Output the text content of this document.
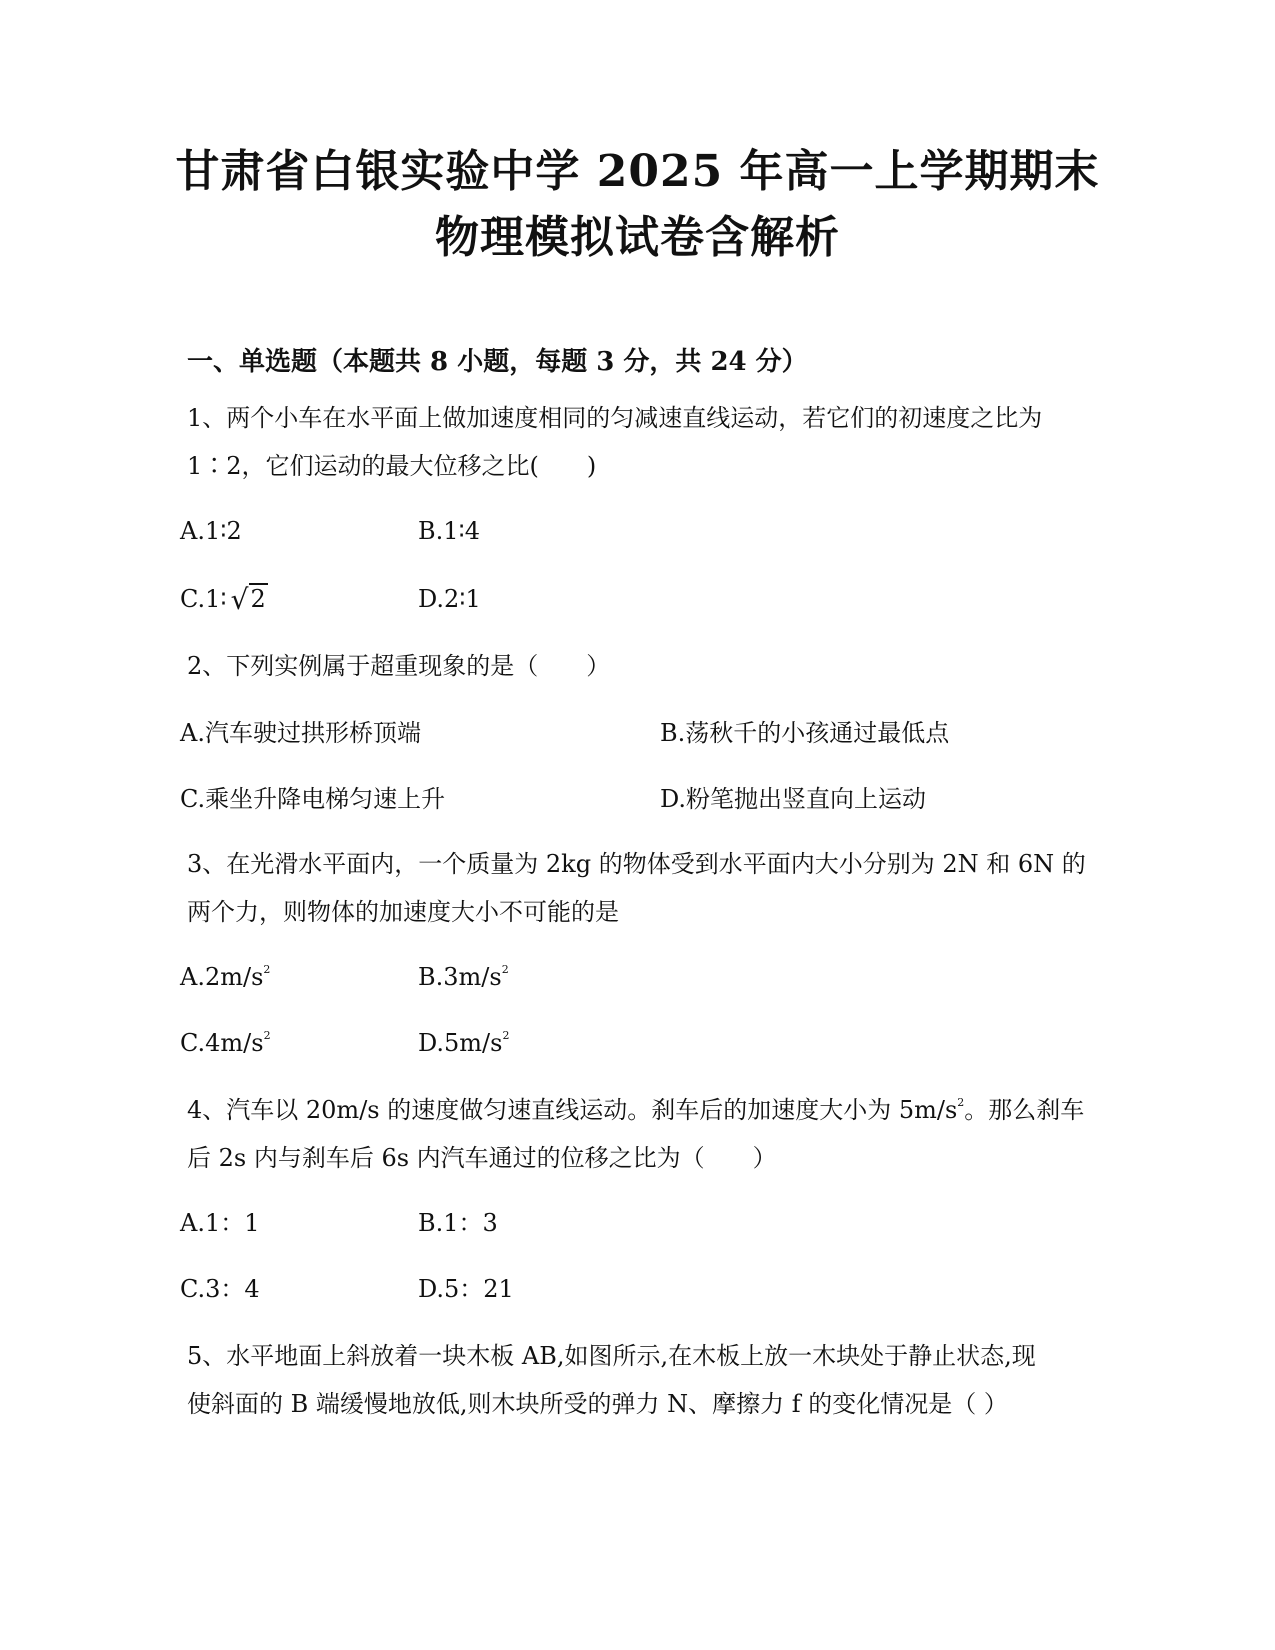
甘肃省白银实验中学 2025 年高一上学期期末
物理模拟试卷含解析
一、单选题（本题共 8 小题，每题 3 分，共 24 分）
1、两个小车在水平面上做加速度相同的匀减速直线运动，若它们的初速度之比为
1∶2，它们运动的最大位移之比(　　)
A.1∶2	B.1∶4
C.1∶ √2	D.2∶1
2、下列实例属于超重现象的是（　　）
A.汽车驶过拱形桥顶端	B.荡秋千的小孩通过最低点
C.乘坐升降电梯匀速上升	D.粉笔抛出竖直向上运动
3、在光滑水平面内，一个质量为 2kg 的物体受到水平面内大小分别为 2N 和 6N 的
两个力，则物体的加速度大小不可能的是
$A.2m/s^2$	$B.3m/s^2$
$C.4m/s^2$	$D.5m/s^2$
4、汽车以 20m/s 的速度做匀速直线运动。刹车后的加速度大小为 $5m/s^2$。那么刹车
后 2s 内与刹车后 6s 内汽车通过的位移之比为（　　）
A.1：1	B.1：3
C.3：4	D.5：21
5、水平地面上斜放着一块木板 AB,如图所示,在木板上放一木块处于静止状态,现
使斜面的 B 端缓慢地放低,则木块所受的弹力 N、摩擦力 f 的变化情况是（ ）
